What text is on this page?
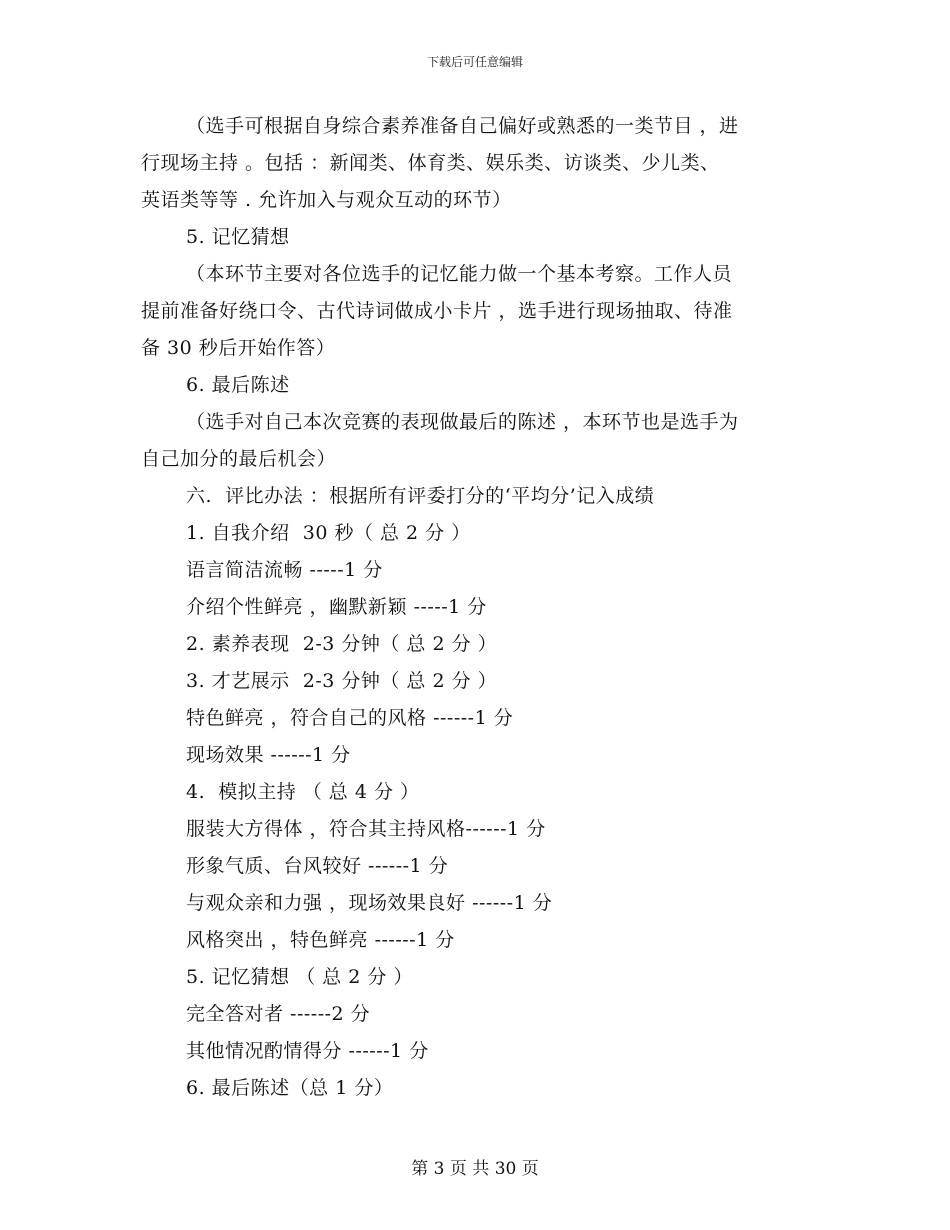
下载后可任意编辑
（选手可根据自身综合素养准备自己偏好或熟悉的一类节目 ，进
行现场主持 。包括 ：新闻类、体育类、娱乐类、访谈类、少儿类、
英语类等等 . 允许加入与观众互动的环节）
5. 记忆猜想
（本环节主要对各位选手的记忆能力做一个基本考察。工作人员
提前准备好绕口令、古代诗词做成小卡片 ，选手进行现场抽取、待准
备 30 秒后开始作答）
6. 最后陈述
（选手对自己本次竞赛的表现做最后的陈述 ，本环节也是选手为
自己加分的最后机会）
六.  评比办法 ：根据所有评委打分的‘平均分’记入成绩
1. 自我介绍  30 秒（ 总 2 分 ）
语言简洁流畅 -----1 分
介绍个性鲜亮 ，幽默新颖 -----1 分
2. 素养表现  2-3 分钟（ 总 2 分 ）
3. 才艺展示  2-3 分钟（ 总 2 分 ）
特色鲜亮 ，符合自己的风格 ------1 分
现场效果 ------1 分
4.  模拟主持 （ 总 4 分 ）
服装大方得体 ，符合其主持风格------1 分
形象气质、台风较好 ------1 分
与观众亲和力强 ，现场效果良好 ------1 分
风格突出 ，特色鲜亮 ------1 分
5. 记忆猜想 （ 总 2 分 ）
完全答对者 ------2 分
其他情况酌情得分 ------1 分
6. 最后陈述（总 1 分）
第 3 页 共 30 页
